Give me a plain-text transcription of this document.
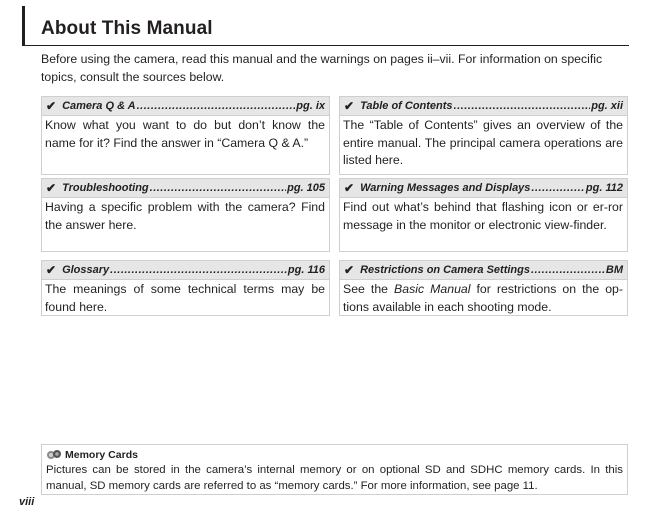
About This Manual
Before using the camera, read this manual and the warnings on pages ii–vii. For information on specific topics, consult the sources below.
✔ Camera Q & A .....	pg. ix
Know what you want to do but don’t know the name for it? Find the answer in “Camera Q & A.”
✔ Table of Contents .....	pg. xii
The “Table of Contents” gives an overview of the entire manual. The principal camera operations are listed here.
✔ Troubleshooting .....	pg. 105
Having a specific problem with the camera? Find the answer here.
✔ Warning Messages and Displays .....	pg. 112
Find out what’s behind that flashing icon or er-ror message in the monitor or electronic view-finder.
✔ Glossary .....	pg. 116
The meanings of some technical terms may be found here.
✔ Restrictions on Camera Settings .....	BM
See the Basic Manual for restrictions on the op-tions available in each shooting mode.
Memory Cards
Pictures can be stored in the camera’s internal memory or on optional SD and SDHC memory cards. In this manual, SD memory cards are referred to as “memory cards.” For more information, see page 11.
viii
